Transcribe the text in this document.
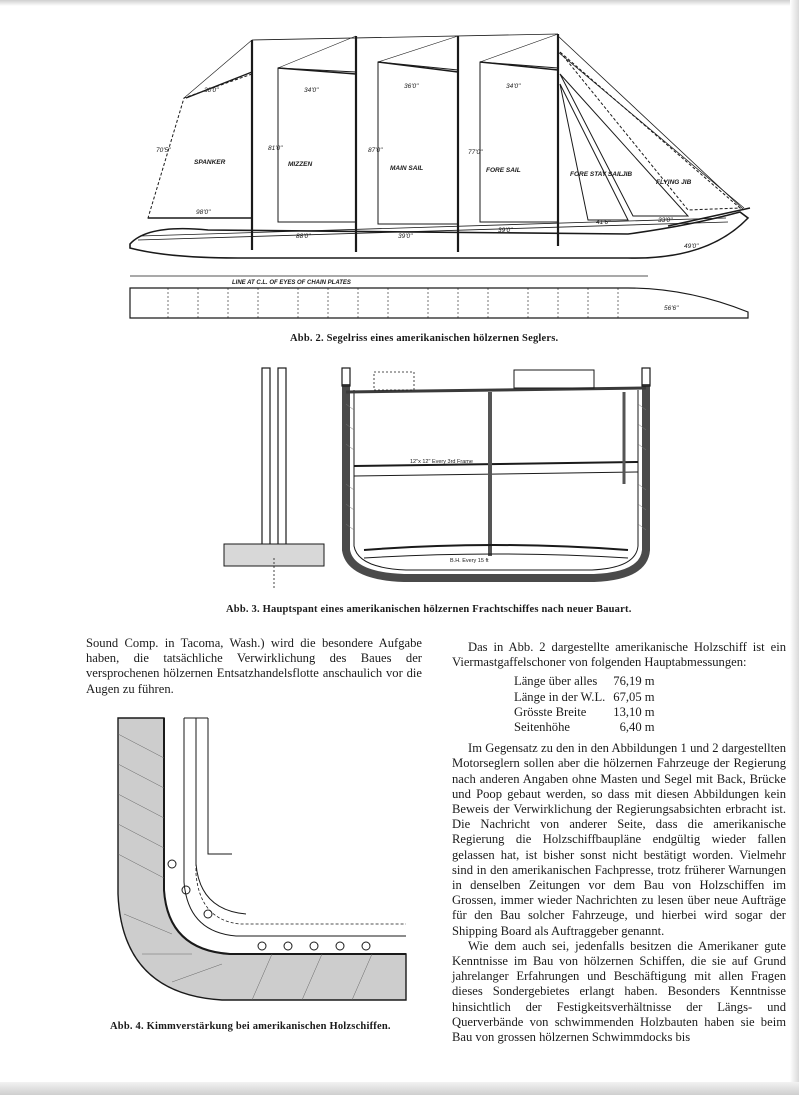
SPANKER	MIZZEN
MAIN SAIL	FORE SAIL
FORE STAY SAIL JIB
FLYING JIB
LINE AT C.L. OF EYES OF CHAIN PLATES
98'0"
88'0"	39'0"
39'0"
41'6"	33'0"
34'0"
36'0"	34'0"
30'0"
81'0"	87'0"	77'0"
70'5"
49'0"
56'6"
Abb. 2. Segelriss eines amerikanischen hölzernen Seglers.
12"x 12" Every 3rd Frame
B.H. Every 15 ft
Abb. 3. Hauptspant eines amerikanischen hölzernen Frachtschiffes nach neuer Bauart.

Sound Comp. in Tacoma, Wash.) wird die besondere Aufgabe haben, die tatsächliche Verwirklichung des Baues der versprochenen hölzernen Entsatzhandelsflotte anschaulich vor die Augen zu führen.

Abb. 4. Kimmverstärkung bei amerikanischen Holzschiffen.

Das in Abb. 2 dargestellte amerikanische Holzschiff ist ein Viermastgaffelschoner von folgenden Hauptabmessungen:

Länge über alles	76,19 m
Länge in der W.L.	67,05 m
Grösste Breite	13,10 m
Seitenhöhe	6,40 m

Im Gegensatz zu den in den Abbildungen 1 und 2 dargestellten Motorseglern sollen aber die hölzernen Fahrzeuge der Regierung nach anderen Angaben ohne Masten und Segel mit Back, Brücke und Poop gebaut werden, so dass mit diesen Abbildungen kein Beweis der Verwirklichung der Regierungsabsichten erbracht ist. Die Nachricht von anderer Seite, dass die amerikanische Regierung die Holzschiffbaupläne endgültig wieder fallen gelassen hat, ist bisher sonst nicht bestätigt worden. Vielmehr sind in den amerikanischen Fachpresse, trotz früherer Warnungen in denselben Zeitungen vor dem Bau von Holzschiffen im Grossen, immer wieder Nachrichten zu lesen über neue Aufträge für den Bau solcher Fahrzeuge, und hierbei wird sogar der Shipping Board als Auftraggeber genannt.

Wie dem auch sei, jedenfalls besitzen die Amerikaner gute Kenntnisse im Bau von hölzernen Schiffen, die sie auf Grund jahrelanger Erfahrungen und Beschäftigung mit allen Fragen dieses Sondergebietes erlangt haben. Besonders Kenntnisse hinsichtlich der Festigkeitsverhältnisse der Längs- und Querverbände von schwimmenden Holzbauten haben sie beim Bau von grossen hölzernen Schwimmdocks bis
